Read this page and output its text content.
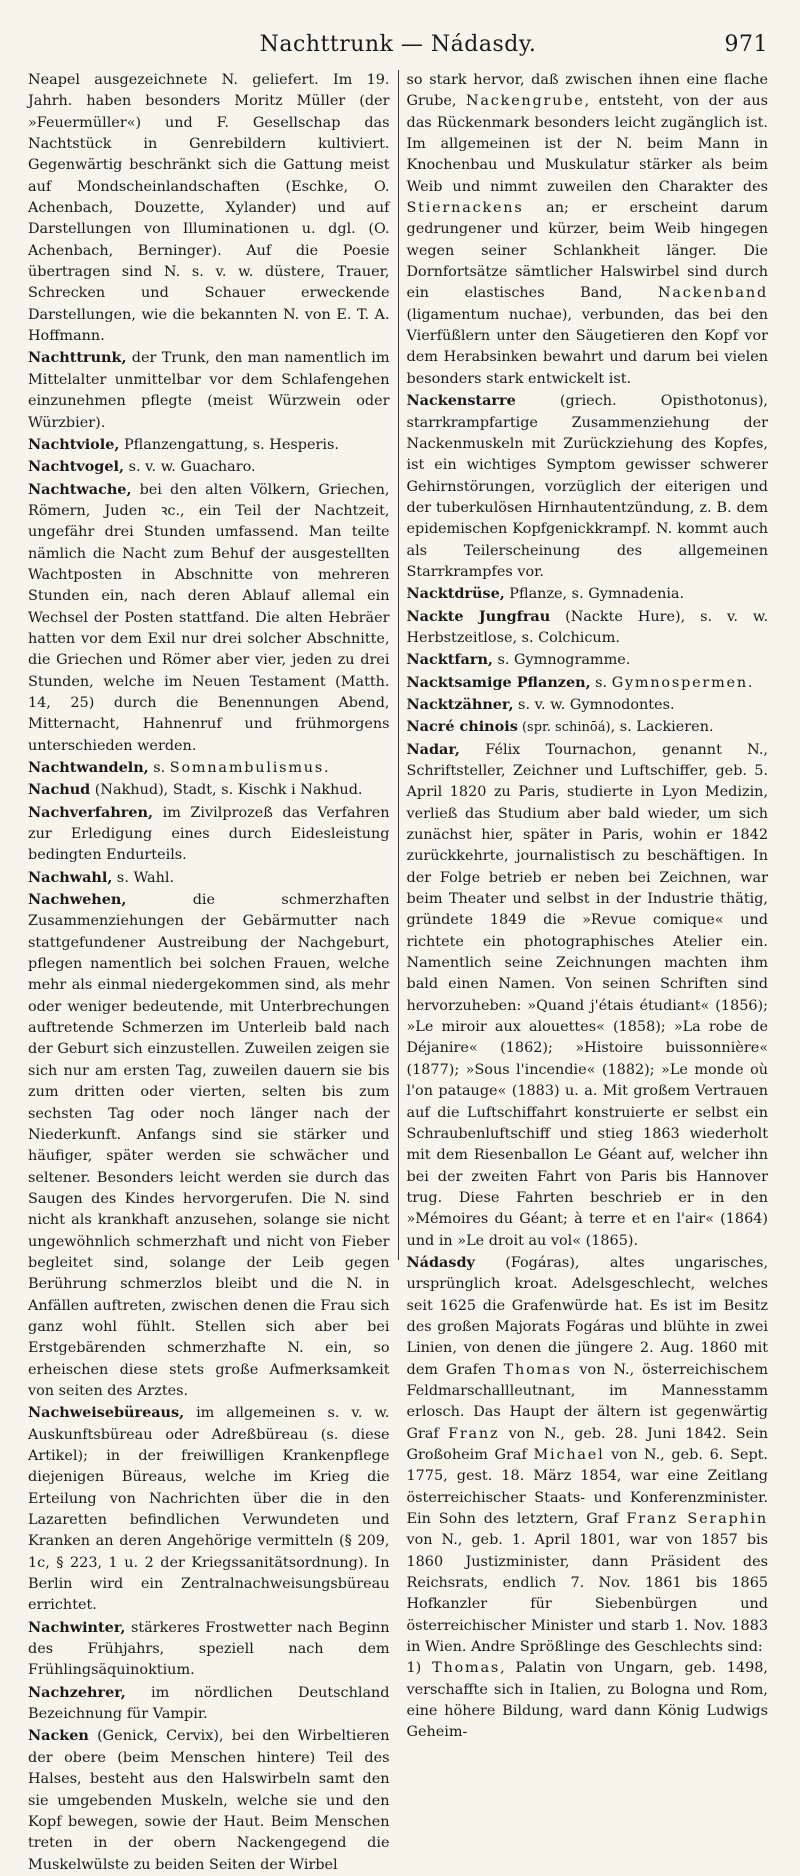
Nachttrunk — Nádasdy.	971

Neapel ausgezeichnete N. geliefert. Im 19. Jahrh. haben besonders Moritz Müller (der »Feuermüller«) und F. Gesellschap das Nachtstück in Genrebildern kultiviert. Gegenwärtig beschränkt sich die Gattung meist auf Mondscheinlandschaften (Eschke, O. Achenbach, Douzette, Xylander) und auf Darstellungen von Illuminationen u. dgl. (O. Achenbach, Berninger). Auf die Poesie übertragen sind N. s. v. w. düstere, Trauer, Schrecken und Schauer erweckende Darstellungen, wie die bekannten N. von E. T. A. Hoffmann.

Nachttrunk, der Trunk, den man namentlich im Mittelalter unmittelbar vor dem Schlafengehen einzunehmen pflegte (meist Würzwein oder Würzbier).

Nachtviole, Pflanzengattung, s. Hesperis.

Nachtvogel, s. v. w. Guacharo.

Nachtwache, bei den alten Völkern, Griechen, Römern, Juden ꝛc., ein Teil der Nachtzeit, ungefähr drei Stunden umfassend. Man teilte nämlich die Nacht zum Behuf der ausgestellten Wachtposten in Abschnitte von mehreren Stunden ein, nach deren Ablauf allemal ein Wechsel der Posten stattfand. Die alten Hebräer hatten vor dem Exil nur drei solcher Abschnitte, die Griechen und Römer aber vier, jeden zu drei Stunden, welche im Neuen Testament (Matth. 14, 25) durch die Benennungen Abend, Mitternacht, Hahnenruf und frühmorgens unterschieden werden.

Nachtwandeln, s. Somnambulismus.

Nachud (Nakhud), Stadt, s. Kischk i Nakhud.

Nachverfahren, im Zivilprozeß das Verfahren zur Erledigung eines durch Eidesleistung bedingten Endurteils.

Nachwahl, s. Wahl.

Nachwehen, die schmerzhaften Zusammenziehungen der Gebärmutter nach stattgefundener Austreibung der Nachgeburt, pflegen namentlich bei solchen Frauen, welche mehr als einmal niedergekommen sind, als mehr oder weniger bedeutende, mit Unterbrechungen auftretende Schmerzen im Unterleib bald nach der Geburt sich einzustellen. Zuweilen zeigen sie sich nur am ersten Tag, zuweilen dauern sie bis zum dritten oder vierten, selten bis zum sechsten Tag oder noch länger nach der Niederkunft. Anfangs sind sie stärker und häufiger, später werden sie schwächer und seltener. Besonders leicht werden sie durch das Saugen des Kindes hervorgerufen. Die N. sind nicht als krankhaft anzusehen, solange sie nicht ungewöhnlich schmerzhaft und nicht von Fieber begleitet sind, solange der Leib gegen Berührung schmerzlos bleibt und die N. in Anfällen auftreten, zwischen denen die Frau sich ganz wohl fühlt. Stellen sich aber bei Erstgebärenden schmerzhafte N. ein, so erheischen diese stets große Aufmerksamkeit von seiten des Arztes.

Nachweisebüreaus, im allgemeinen s. v. w. Auskunftsbüreau oder Adreßbüreau (s. diese Artikel); in der freiwilligen Krankenpflege diejenigen Büreaus, welche im Krieg die Erteilung von Nachrichten über die in den Lazaretten befindlichen Verwundeten und Kranken an deren Angehörige vermitteln (§ 209, 1c, § 223, 1 u. 2 der Kriegssanitätsordnung). In Berlin wird ein Zentralnachweisungsbüreau errichtet.

Nachwinter, stärkeres Frostwetter nach Beginn des Frühjahrs, speziell nach dem Frühlingsäquinoktium.

Nachzehrer, im nördlichen Deutschland Bezeichnung für Vampir.

Nacken (Genick, Cervix), bei den Wirbeltieren der obere (beim Menschen hintere) Teil des Halses, besteht aus den Halswirbeln samt den sie umgebenden Muskeln, welche sie und den Kopf bewegen, sowie der Haut. Beim Menschen treten in der obern Nackengegend die Muskelwülste zu beiden Seiten der Wirbel

so stark hervor, daß zwischen ihnen eine flache Grube, Nackengrube, entsteht, von der aus das Rückenmark besonders leicht zugänglich ist. Im allgemeinen ist der N. beim Mann in Knochenbau und Muskulatur stärker als beim Weib und nimmt zuweilen den Charakter des Stiernackens an; er erscheint darum gedrungener und kürzer, beim Weib hingegen wegen seiner Schlankheit länger. Die Dornfortsätze sämtlicher Halswirbel sind durch ein elastisches Band, Nackenband (ligamentum nuchae), verbunden, das bei den Vierfüßlern unter den Säugetieren den Kopf vor dem Herabsinken bewahrt und darum bei vielen besonders stark entwickelt ist.

Nackenstarre (griech. Opisthotonus), starrkrampfartige Zusammenziehung der Nackenmuskeln mit Zurückziehung des Kopfes, ist ein wichtiges Symptom gewisser schwerer Gehirnstörungen, vorzüglich der eiterigen und der tuberkulösen Hirnhautentzündung, z. B. dem epidemischen Kopfgenickkrampf. N. kommt auch als Teilerscheinung des allgemeinen Starrkrampfes vor.

Nacktdrüse, Pflanze, s. Gymnadenia.

Nackte Jungfrau (Nackte Hure), s. v. w. Herbstzeitlose, s. Colchicum.

Nacktfarn, s. Gymnogramme.

Nacktsamige Pflanzen, s. Gymnospermen.

Nacktzähner, s. v. w. Gymnodontes.

Nacré chinois (spr. schinōá), s. Lackieren.

Nadar, Félix Tournachon, genannt N., Schriftsteller, Zeichner und Luftschiffer, geb. 5. April 1820 zu Paris, studierte in Lyon Medizin, verließ das Studium aber bald wieder, um sich zunächst hier, später in Paris, wohin er 1842 zurückkehrte, journalistisch zu beschäftigen. In der Folge betrieb er neben bei Zeichnen, war beim Theater und selbst in der Industrie thätig, gründete 1849 die »Revue comique« und richtete ein photographisches Atelier ein. Namentlich seine Zeichnungen machten ihm bald einen Namen. Von seinen Schriften sind hervorzuheben: »Quand j'étais étudiant« (1856); »Le miroir aux alouettes« (1858); »La robe de Déjanire« (1862); »Histoire buissonnière« (1877); »Sous l'incendie« (1882); »Le monde où l'on patauge« (1883) u. a. Mit großem Vertrauen auf die Luftschiffahrt konstruierte er selbst ein Schraubenluftschiff und stieg 1863 wiederholt mit dem Riesenballon Le Géant auf, welcher ihn bei der zweiten Fahrt von Paris bis Hannover trug. Diese Fahrten beschrieb er in den »Mémoires du Géant; à terre et en l'air« (1864) und in »Le droit au vol« (1865).

Nádasdy (Fogáras), altes ungarisches, ursprünglich kroat. Adelsgeschlecht, welches seit 1625 die Grafenwürde hat. Es ist im Besitz des großen Majorats Fogáras und blühte in zwei Linien, von denen die jüngere 2. Aug. 1860 mit dem Grafen Thomas von N., österreichischem Feldmarschallleutnant, im Mannesstamm erlosch. Das Haupt der ältern ist gegenwärtig Graf Franz von N., geb. 28. Juni 1842. Sein Großoheim Graf Michael von N., geb. 6. Sept. 1775, gest. 18. März 1854, war eine Zeitlang österreichischer Staats- und Konferenzminister. Ein Sohn des letztern, Graf Franz Seraphin von N., geb. 1. April 1801, war von 1857 bis 1860 Justizminister, dann Präsident des Reichsrats, endlich 7. Nov. 1861 bis 1865 Hofkanzler für Siebenbürgen und österreichischer Minister und starb 1. Nov. 1883 in Wien. Andre Sprößlinge des Geschlechts sind:

1) Thomas, Palatin von Ungarn, geb. 1498, verschaffte sich in Italien, zu Bologna und Rom, eine höhere Bildung, ward dann König Ludwigs Geheim-
